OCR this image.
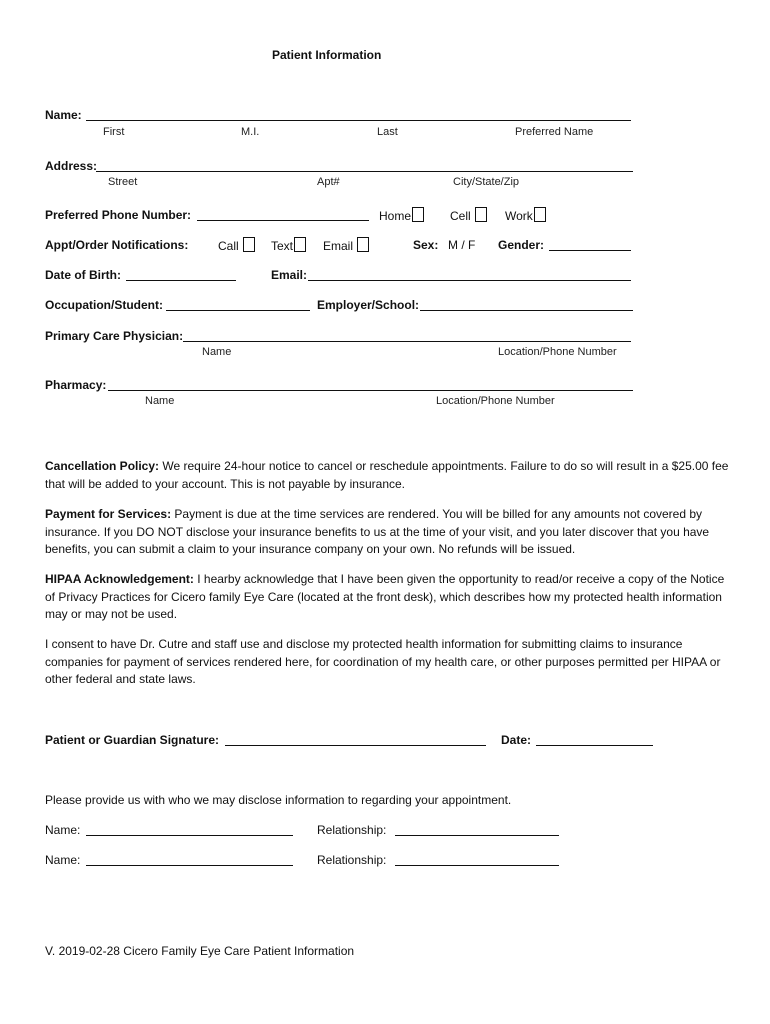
Patient Information
Name:
First	M.I.	Last	Preferred Name
Address:
Street	Apt#	City/State/Zip
Preferred Phone Number:	Home	Cell	Work
Appt/Order Notifications: Call	Text	Email	Sex: M / F Gender:
Date of Birth:	Email:
Occupation/Student:	Employer/School:
Primary Care Physician:
Name	Location/Phone Number
Pharmacy:
Name	Location/Phone Number
Cancellation Policy: We require 24-hour notice to cancel or reschedule appointments. Failure to do so will result in a $25.00 fee that will be added to your account. This is not payable by insurance.
Payment for Services: Payment is due at the time services are rendered. You will be billed for any amounts not covered by insurance. If you DO NOT disclose your insurance benefits to us at the time of your visit, and you later discover that you have benefits, you can submit a claim to your insurance company on your own. No refunds will be issued.
HIPAA Acknowledgement: I hearby acknowledge that I have been given the opportunity to read/or receive a copy of the Notice of Privacy Practices for Cicero family Eye Care (located at the front desk), which describes how my protected health information may or may not be used.
I consent to have Dr. Cutre and staff use and disclose my protected health information for submitting claims to insurance companies for payment of services rendered here, for coordination of my health care, or other purposes permitted per HIPAA or other federal and state laws.
Patient or Guardian Signature:	Date:
Please provide us with who we may disclose information to regarding your appointment.
Name:	Relationship:
Name:	Relationship:
V. 2019-02-28 Cicero Family Eye Care Patient Information
